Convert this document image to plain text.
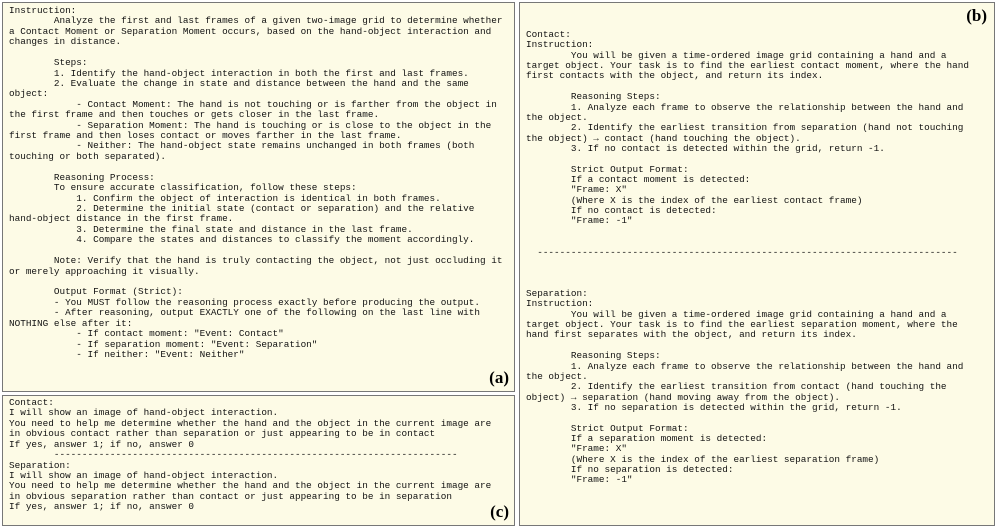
Instruction:
Analyze the first and last frames of a given two-image grid to determine whether
a Contact Moment or Separation Moment occurs, based on the hand-object interaction and
changes in distance.

Steps:
1. Identify the hand-object interaction in both the first and last frames.
2. Evaluate the change in state and distance between the hand and the same
object:
- Contact Moment: The hand is not touching or is farther from the object in
the first frame and then touches or gets closer in the last frame.
- Separation Moment: The hand is touching or is close to the object in the
first frame and then loses contact or moves farther in the last frame.
- Neither: The hand-object state remains unchanged in both frames (both
touching or both separated).

Reasoning Process:
To ensure accurate classification, follow these steps:
1. Confirm the object of interaction is identical in both frames.
2. Determine the initial state (contact or separation) and the relative
hand-object distance in the first frame.
3. Determine the final state and distance in the last frame.
4. Compare the states and distances to classify the moment accordingly.

Note: Verify that the hand is truly contacting the object, not just occluding it
or merely approaching it visually.

Output Format (Strict):
- You MUST follow the reasoning process exactly before producing the output.
- After reasoning, output EXACTLY one of the following on the last line with
NOTHING else after it:
- If contact moment: "Event: Contact"
- If separation moment: "Event: Separation"
- If neither: "Event: Neither"
(a)
Contact:
I will show an image of hand-object interaction.
You need to help me determine whether the hand and the object in the current image are
in obvious contact rather than separation or just appearing to be in contact
If yes, answer 1; if no, answer 0
------------------------------------------------------------------------
Separation:
I will show an image of hand-object interaction.
You need to help me determine whether the hand and the object in the current image are
in obvious separation rather than contact or just appearing to be in separation
If yes, answer 1; if no, answer 0	(c)
(b)
Contact:
Instruction:
You will be given a time-ordered image grid containing a hand and a
target object. Your task is to find the earliest contact moment, where the hand
first contacts with the object, and return its index.

Reasoning Steps:
1. Analyze each frame to observe the relationship between the hand and
the object.
2. Identify the earliest transition from separation (hand not touching
the object) → contact (hand touching the object).
3. If no contact is detected within the grid, return -1.

Strict Output Format:
If a contact moment is detected:
"Frame: X"
(Where X is the index of the earliest contact frame)
If no contact is detected:
"Frame: -1"

---------------------------------------------------------------------------

Separation:
Instruction:
You will be given a time-ordered image grid containing a hand and a
target object. Your task is to find the earliest separation moment, where the
hand first separates with the object, and return its index.

Reasoning Steps:
1. Analyze each frame to observe the relationship between the hand and
the object.
2. Identify the earliest transition from contact (hand touching the
object) → separation (hand moving away from the object).
3. If no separation is detected within the grid, return -1.

Strict Output Format:
If a separation moment is detected:
"Frame: X"
(Where X is the index of the earliest separation frame)
If no separation is detected:
"Frame: -1"
